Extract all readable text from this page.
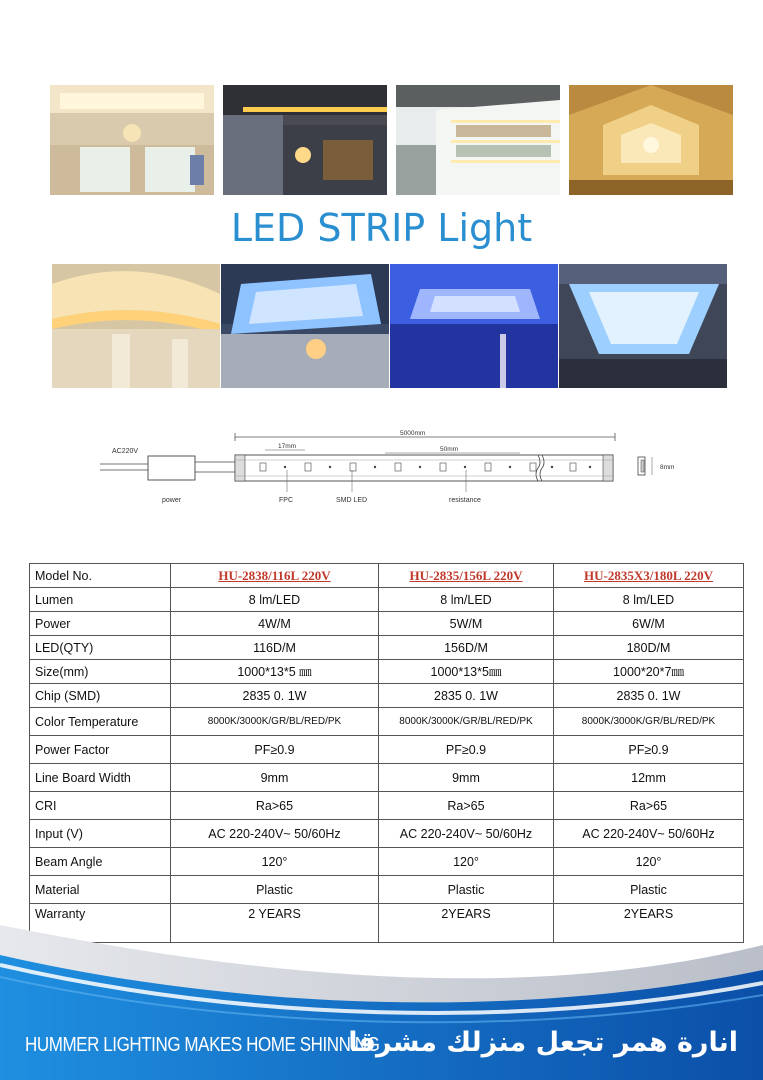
LED STRIP Light
5000mm
17mm	50mm
AC220V
8mm
power	FPC	SMD LED	resistance
Model No.	HU-2838/116L 220V	HU-2835/156L 220V	HU-2835X3/180L 220V
Lumen	8 lm/LED	8 lm/LED	8 lm/LED
Power	4W/M	5W/M	6W/M
LED(QTY)	116D/M	156D/M	180D/M
Size(mm)	1000*13*5 ㎜	1000*13*5㎜	1000*20*7㎜
Chip (SMD)	2835 0. 1W	2835 0. 1W	2835 0. 1W
Color Temperature	8000K/3000K/GR/BL/RED/PK	8000K/3000K/GR/BL/RED/PK	8000K/3000K/GR/BL/RED/PK
Power Factor	PF≥0.9	PF≥0.9	PF≥0.9
Line Board Width	9mm	9mm	12mm
CRI	Ra>65	Ra>65	Ra>65
Input (V)	AC 220-240V~ 50/60Hz	AC 220-240V~ 50/60Hz	AC 220-240V~ 50/60Hz
Beam Angle	120°	120°	120°
Material	Plastic	Plastic	Plastic
Warranty	2 YEARS	2YEARS	2YEARS
HUMMER LIGHTING MAKES HOME SHINNING
انارة همر تجعل منزلك مشرقا
